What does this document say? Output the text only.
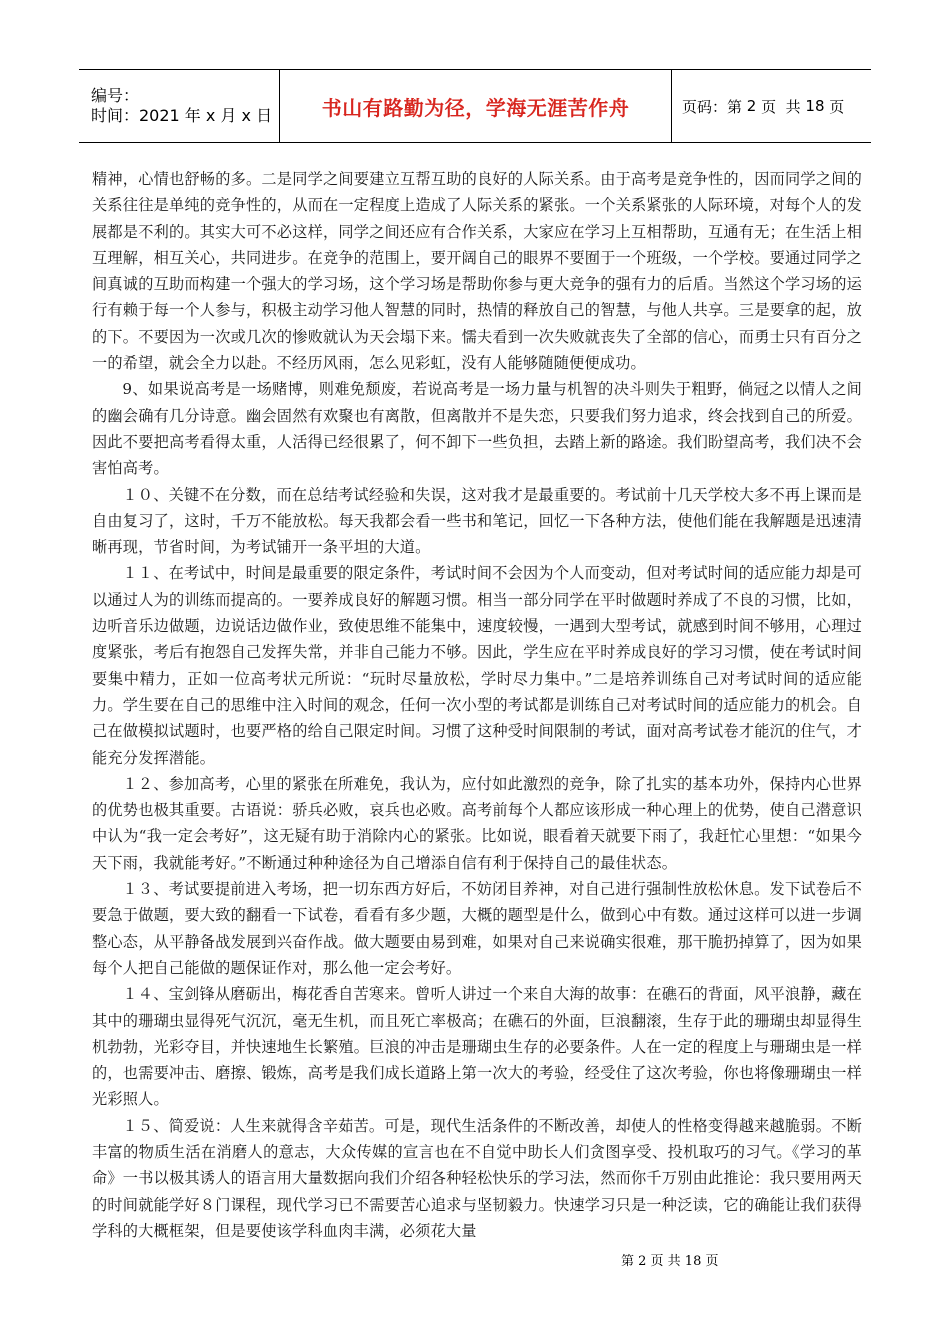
编号：
时间：2021 年 x 月 x 日	书山有路勤为径，学海无涯苦作舟	页码：第 2 页  共 18 页

精神，心情也舒畅的多。二是同学之间要建立互帮互助的良好的人际关系。由于高考是竞争性的，因而同学之间的关系往往是单纯的竞争性的，从而在一定程度上造成了人际关系的紧张。一个关系紧张的人际环境，对每个人的发展都是不利的。其实大可不必这样，同学之间还应有合作关系，大家应在学习上互相帮助，互通有无；在生活上相互理解，相互关心，共同进步。在竞争的范围上，要开阔自己的眼界不要囿于一个班级，一个学校。要通过同学之间真诚的互助而构建一个强大的学习场，这个学习场是帮助你参与更大竞争的强有力的后盾。当然这个学习场的运行有赖于每一个人参与，积极主动学习他人智慧的同时，热情的释放自己的智慧，与他人共享。三是要拿的起，放的下。不要因为一次或几次的惨败就认为天会塌下来。懦夫看到一次失败就丧失了全部的信心，而勇士只有百分之一的希望，就会全力以赴。不经历风雨，怎么见彩虹，没有人能够随随便便成功。

9、如果说高考是一场赌博，则难免颓废，若说高考是一场力量与机智的决斗则失于粗野，倘冠之以情人之间的幽会确有几分诗意。幽会固然有欢聚也有离散，但离散并不是失恋，只要我们努力追求，终会找到自己的所爱。因此不要把高考看得太重，人活得已经很累了，何不卸下一些负担，去踏上新的路途。我们盼望高考，我们决不会害怕高考。

１０、关键不在分数，而在总结考试经验和失误，这对我才是最重要的。考试前十几天学校大多不再上课而是自由复习了，这时，千万不能放松。每天我都会看一些书和笔记，回忆一下各种方法，使他们能在我解题是迅速清晰再现，节省时间，为考试铺开一条平坦的大道。

１１、在考试中，时间是最重要的限定条件，考试时间不会因为个人而变动，但对考试时间的适应能力却是可以通过人为的训练而提高的。一要养成良好的解题习惯。相当一部分同学在平时做题时养成了不良的习惯，比如，边听音乐边做题，边说话边做作业，致使思维不能集中，速度较慢，一遇到大型考试，就感到时间不够用，心理过度紧张，考后有抱怨自己发挥失常，并非自己能力不够。因此，学生应在平时养成良好的学习习惯，使在考试时间要集中精力，正如一位高考状元所说：“玩时尽量放松，学时尽力集中。”二是培养训练自己对考试时间的适应能力。学生要在自己的思维中注入时间的观念，任何一次小型的考试都是训练自己对考试时间的适应能力的机会。自己在做模拟试题时，也要严格的给自己限定时间。习惯了这种受时间限制的考试，面对高考试卷才能沉的住气，才能充分发挥潜能。

１２、参加高考，心里的紧张在所难免，我认为，应付如此激烈的竞争，除了扎实的基本功外，保持内心世界的优势也极其重要。古语说：骄兵必败，哀兵也必败。高考前每个人都应该形成一种心理上的优势，使自己潜意识中认为“我一定会考好”，这无疑有助于消除内心的紧张。比如说，眼看着天就要下雨了，我赶忙心里想：“如果今天下雨，我就能考好。”不断通过种种途径为自己增添自信有利于保持自己的最佳状态。

１３、考试要提前进入考场，把一切东西方好后，不妨闭目养神，对自己进行强制性放松休息。发下试卷后不要急于做题，要大致的翻看一下试卷，看看有多少题，大概的题型是什么，做到心中有数。通过这样可以进一步调整心态，从平静备战发展到兴奋作战。做大题要由易到难，如果对自己来说确实很难，那干脆扔掉算了，因为如果每个人把自己能做的题保证作对，那么他一定会考好。

１４、宝剑锋从磨砺出，梅花香自苦寒来。曾听人讲过一个来自大海的故事：在礁石的背面，风平浪静，藏在其中的珊瑚虫显得死气沉沉，毫无生机，而且死亡率极高；在礁石的外面，巨浪翻滚，生存于此的珊瑚虫却显得生机勃勃，光彩夺目，并快速地生长繁殖。巨浪的冲击是珊瑚虫生存的必要条件。人在一定的程度上与珊瑚虫是一样的，也需要冲击、磨擦、锻炼，高考是我们成长道路上第一次大的考验，经受住了这次考验，你也将像珊瑚虫一样光彩照人。

１５、简爱说：人生来就得含辛茹苦。可是，现代生活条件的不断改善，却使人的性格变得越来越脆弱。不断丰富的物质生活在消磨人的意志，大众传媒的宣言也在不自觉中助长人们贪图享受、投机取巧的习气。《学习的革命》一书以极其诱人的语言用大量数据向我们介绍各种轻松快乐的学习法，然而你千万别由此推论：我只要用两天的时间就能学好８门课程，现代学习已不需要苦心追求与坚韧毅力。快速学习只是一种泛读，它的确能让我们获得学科的大概框架，但是要使该学科血肉丰满，必须花大量

第 2 页 共 18 页
